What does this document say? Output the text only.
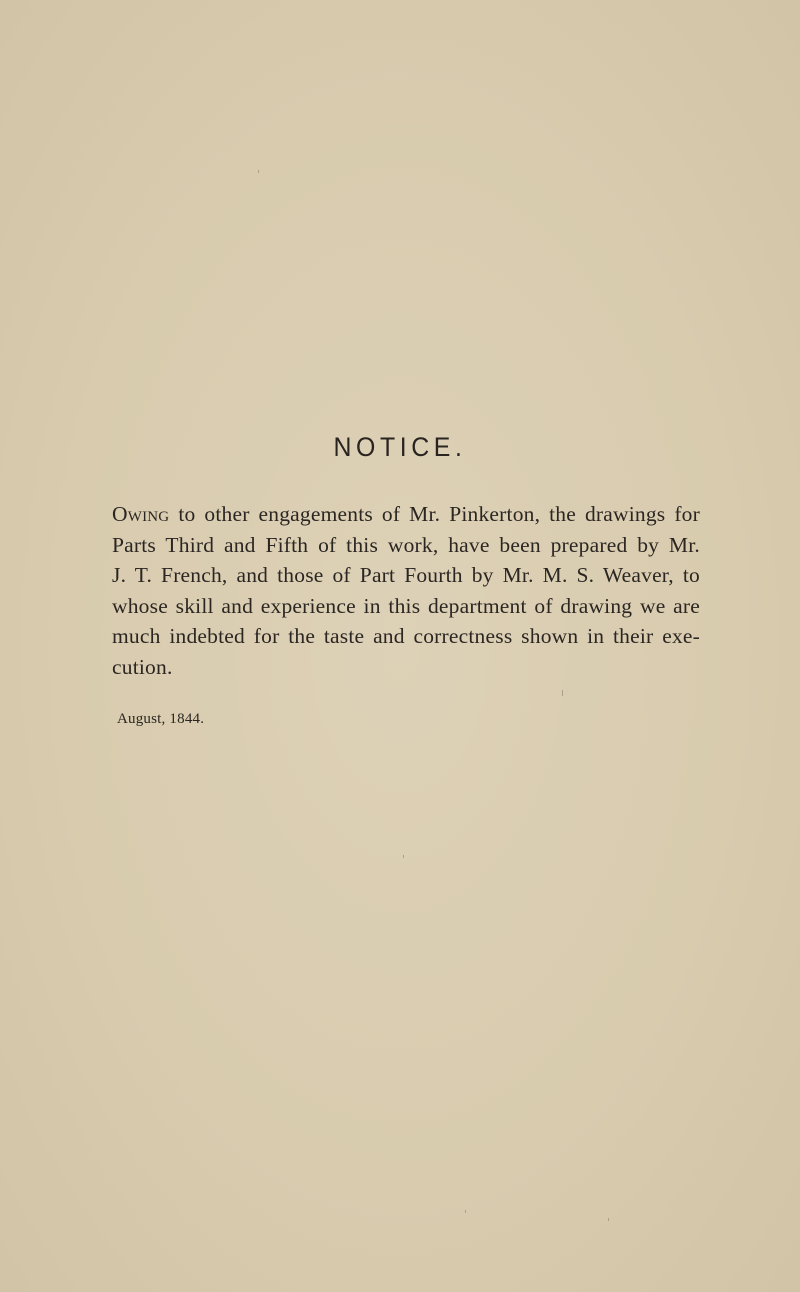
NOTICE.
Owing to other engagements of Mr. Pinkerton, the drawings for
Parts Third and Fifth of this work, have been prepared by Mr.
J. T. French, and those of Part Fourth by Mr. M. S. Weaver, to
whose skill and experience in this department of drawing we are
much indebted for the taste and correctness shown in their exe-
cution.
August, 1844.
